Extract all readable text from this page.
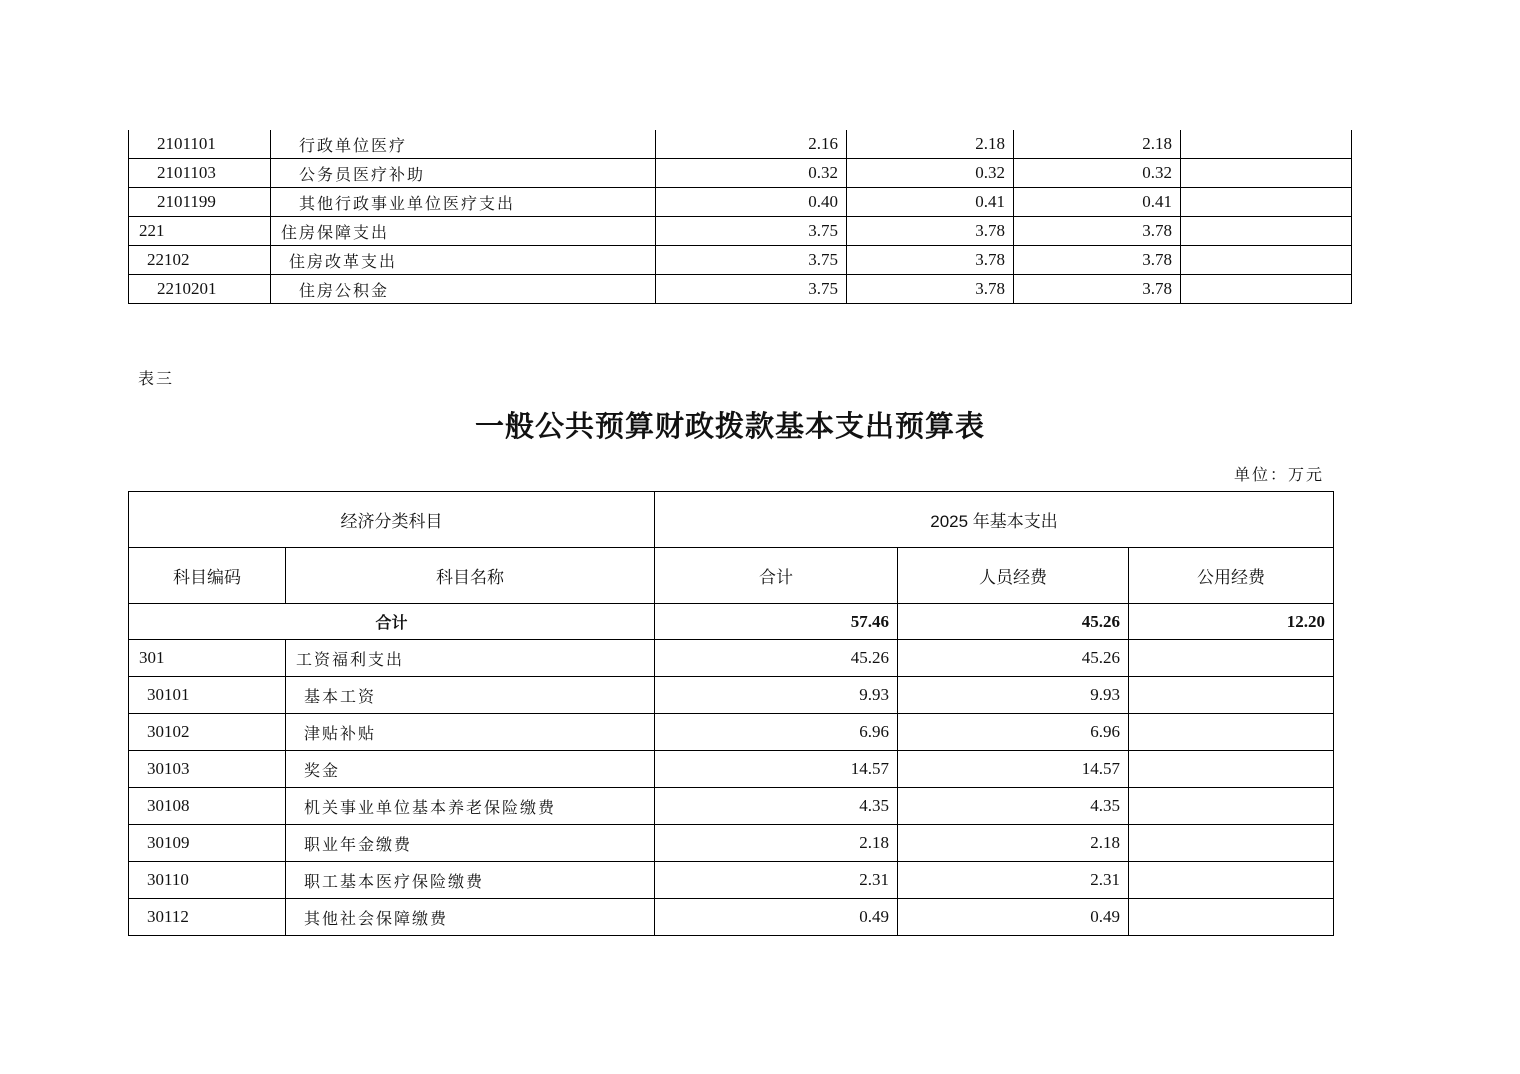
2101101	行政单位医疗	2.16	2.18	2.18	
2101103	公务员医疗补助	0.32	0.32	0.32	
2101199	其他行政事业单位医疗支出	0.40	0.41	0.41	
221	住房保障支出	3.75	3.78	3.78	
22102	住房改革支出	3.75	3.78	3.78	
2210201	住房公积金	3.75	3.78	3.78	
表三
一般公共预算财政拨款基本支出预算表
单位：万元
经济分类科目		2025 年基本支出		
科目编码	科目名称	合计	人员经费	公用经费
合计		57.46	45.26	12.20
301	工资福利支出	45.26	45.26	
30101	基本工资	9.93	9.93	
30102	津贴补贴	6.96	6.96	
30103	奖金	14.57	14.57	
30108	机关事业单位基本养老保险缴费	4.35	4.35	
30109	职业年金缴费	2.18	2.18	
30110	职工基本医疗保险缴费	2.31	2.31	
30112	其他社会保障缴费	0.49	0.49	
